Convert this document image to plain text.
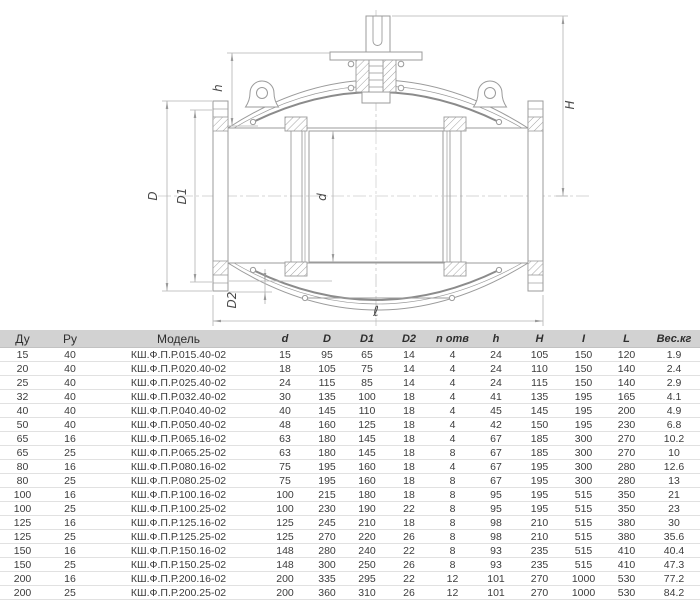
h
H
D D1
D2
d
ℓ
Ду	Ру	Модель	d	D	D1	D2	n отв	h	H	I	L	Вес.кг
15	40	КШ.Ф.П.Р.015.40-02	15	95	65	14	4	24	105	150	120	1.9
20	40	КШ.Ф.П.Р.020.40-02	18	105	75	14	4	24	110	150	140	2.4
25	40	КШ.Ф.П.Р.025.40-02	24	115	85	14	4	24	115	150	140	2.9
32	40	КШ.Ф.П.Р.032.40-02	30	135	100	18	4	41	135	195	165	4.1
40	40	КШ.Ф.П.Р.040.40-02	40	145	110	18	4	45	145	195	200	4.9
50	40	КШ.Ф.П.Р.050.40-02	48	160	125	18	4	42	150	195	230	6.8
65	16	КШ.Ф.П.Р.065.16-02	63	180	145	18	4	67	185	300	270	10.2
65	25	КШ.Ф.П.Р.065.25-02	63	180	145	18	8	67	185	300	270	10
80	16	КШ.Ф.П.Р.080.16-02	75	195	160	18	4	67	195	300	280	12.6
80	25	КШ.Ф.П.Р.080.25-02	75	195	160	18	8	67	195	300	280	13
100	16	КШ.Ф.П.Р.100.16-02	100	215	180	18	8	95	195	515	350	21
100	25	КШ.Ф.П.Р.100.25-02	100	230	190	22	8	95	195	515	350	23
125	16	КШ.Ф.П.Р.125.16-02	125	245	210	18	8	98	210	515	380	30
125	25	КШ.Ф.П.Р.125.25-02	125	270	220	26	8	98	210	515	380	35.6
150	16	КШ.Ф.П.Р.150.16-02	148	280	240	22	8	93	235	515	410	40.4
150	25	КШ.Ф.П.Р.150.25-02	148	300	250	26	8	93	235	515	410	47.3
200	16	КШ.Ф.П.Р.200.16-02	200	335	295	22	12	101	270	1000	530	77.2
200	25	КШ.Ф.П.Р.200.25-02	200	360	310	26	12	101	270	1000	530	84.2
